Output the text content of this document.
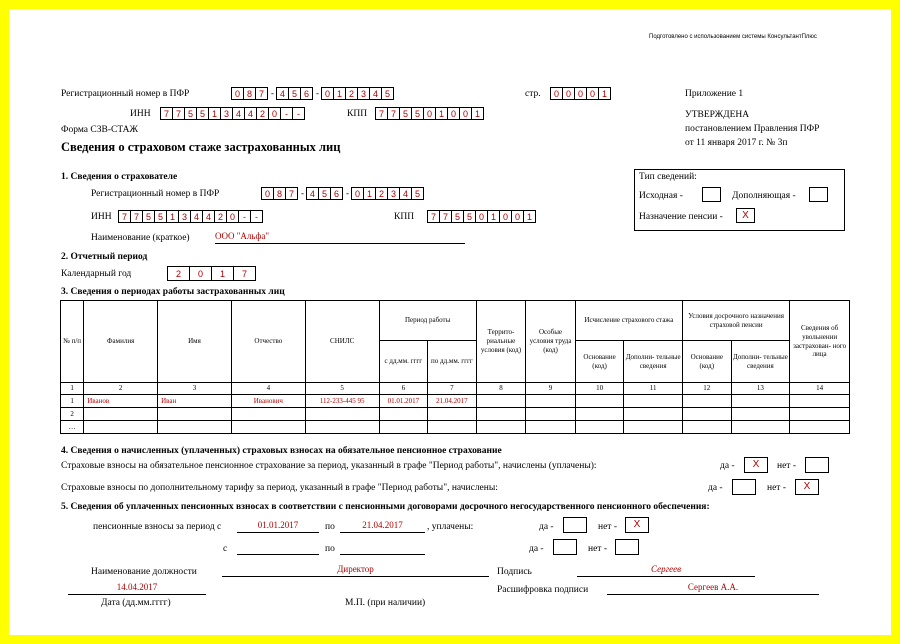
Подготовлено с использованием системы КонсультантПлюс
Регистрационный номер в ПФР	0 8 7 - 4 5 6 - 0 1 2 3 4 5	стр.	0 0 0 0 1
ИНН	7 7 5 5 1 3 4 4 2 0 -	-	КПП	7 7 5 5 0 1 0 0 1
Форма СЗВ-СТАЖ
Сведения о страховом стаже застрахованных лиц
Приложение 1
УТВЕРЖДЕНА
постановлением Правления ПФР
от 11 января 2017 г. № 3п
Тип сведений:
Исходная -	Дополняющая -
Назначение пенсии -	X
1. Сведения о страхователе
Регистрационный номер в ПФР	0 8 7 - 4 5 6 - 0 1 2 3 4 5
ИНН	7 7 5 5 1 3 4 4 2 0 -	-	КПП	7 7 5 5 0 1 0 0 1
Наименование (краткое)	ООО "Альфа"
2. Отчетный период
Календарный год	2	0	1	7
3. Сведения о периодах работы застрахованных лиц
№ п/п	Фамилия	Имя	Отчество	СНИЛС	Период работы		Террито- риальные условия (код)	Особые условия труда (код)	Исчисление страхового стажа		Условия досрочного назначения страховой пенсии		Сведения об увольнении застрахован- ного лица
					с дд.мм. гггг	по дд.мм. гггг			Основание (код)	Дополни- тельные сведения	Основание (код)	Дополни- тельные сведения	
1	2	3	4	5	6	7	8	9	10	11	12	13	14
1	Иванов	Иван	Иванович	112-233-445 95	01.01.2017	21.04.2017							
2													
…													
4. Сведения о начисленных (уплаченных) страховых взносах на обязательное пенсионное страхование
Страховые взносы на обязательное пенсионное страхование за период, указанный в графе "Период работы", начислены (уплачены):	да -	X	нет -
Страховые взносы по дополнительному тарифу за период, указанный в графе "Период работы", начислены:	да -	нет -	X
5. Сведения об уплаченных пенсионных взносах в соответствии с пенсионными договорами досрочного негосударственного пенсионного обеспечения:
пенсионные взносы за период с	01.01.2017	по	21.04.2017	, уплачены:	да -	нет -	X
с	по	да -	нет -
Наименование должности	Директор	Подпись	Сергеев
14.04.2017
Дата (дд.мм.гггг)	М.П. (при наличии)
Расшифровка подписи	Сергеев А.А.
